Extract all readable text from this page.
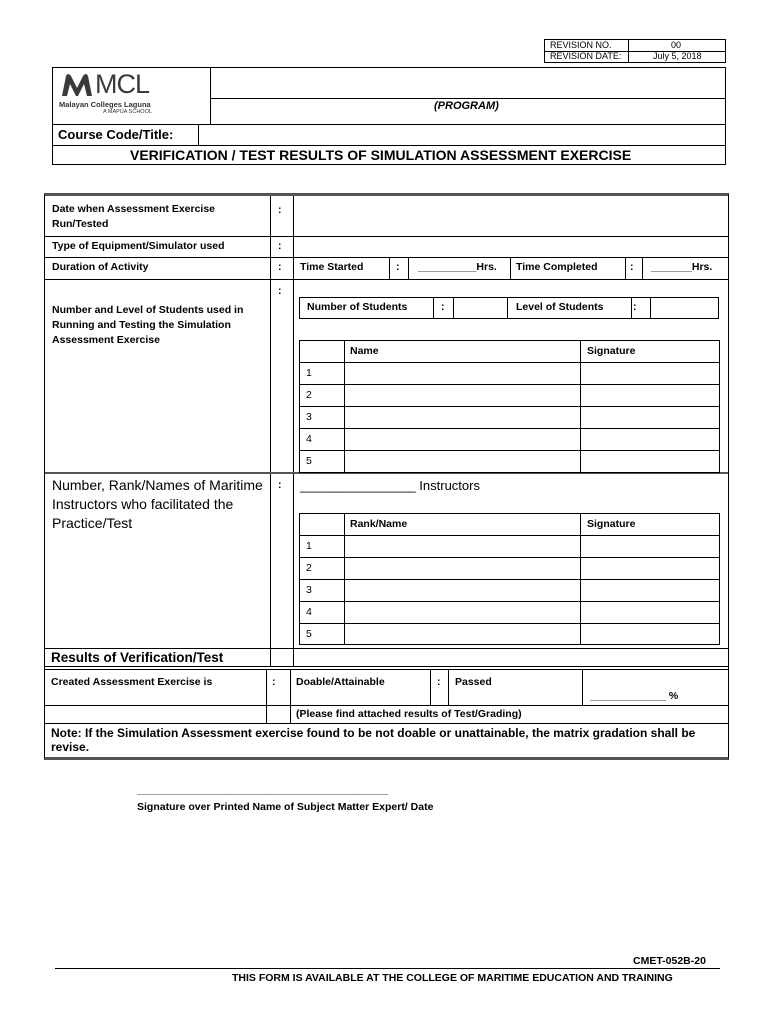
REVISION NO.	00
REVISION DATE:	July 5, 2018
MCL
Malayan Colleges Laguna
A MAPÚA SCHOOL	(PROGRAM)
Course Code/Title:
VERIFICATION / TEST RESULTS OF SIMULATION ASSESSMENT EXERCISE
Date when Assessment Exercise Run/Tested
:
Type of Equipment/Simulator used	:
Duration of Activity	: Time Started	: __________Hrs. Time Completed	: _______Hrs.
Number and Level of Students used in Running and Testing the Simulation Assessment Exercise
:
Number of Students	:	Level of Students	:
Name	Signature
1
2
3
4
5
Number, Rank/Names of Maritime Instructors who facilitated the Practice/Test
: ________________ Instructors
Rank/Name	Signature
1
2
3
4
5
Results of Verification/Test
Created Assessment Exercise is	: Doable/Attainable	: Passed
_____________ %
(Please find attached results of Test/Grading)
Note: If the Simulation Assessment exercise found to be not doable or unattainable, the matrix gradation shall be revise.
___________________________________________
Signature over Printed Name of Subject Matter Expert/ Date
CMET-052B-20
THIS FORM IS AVAILABLE AT THE COLLEGE OF MARITIME EDUCATION AND TRAINING
